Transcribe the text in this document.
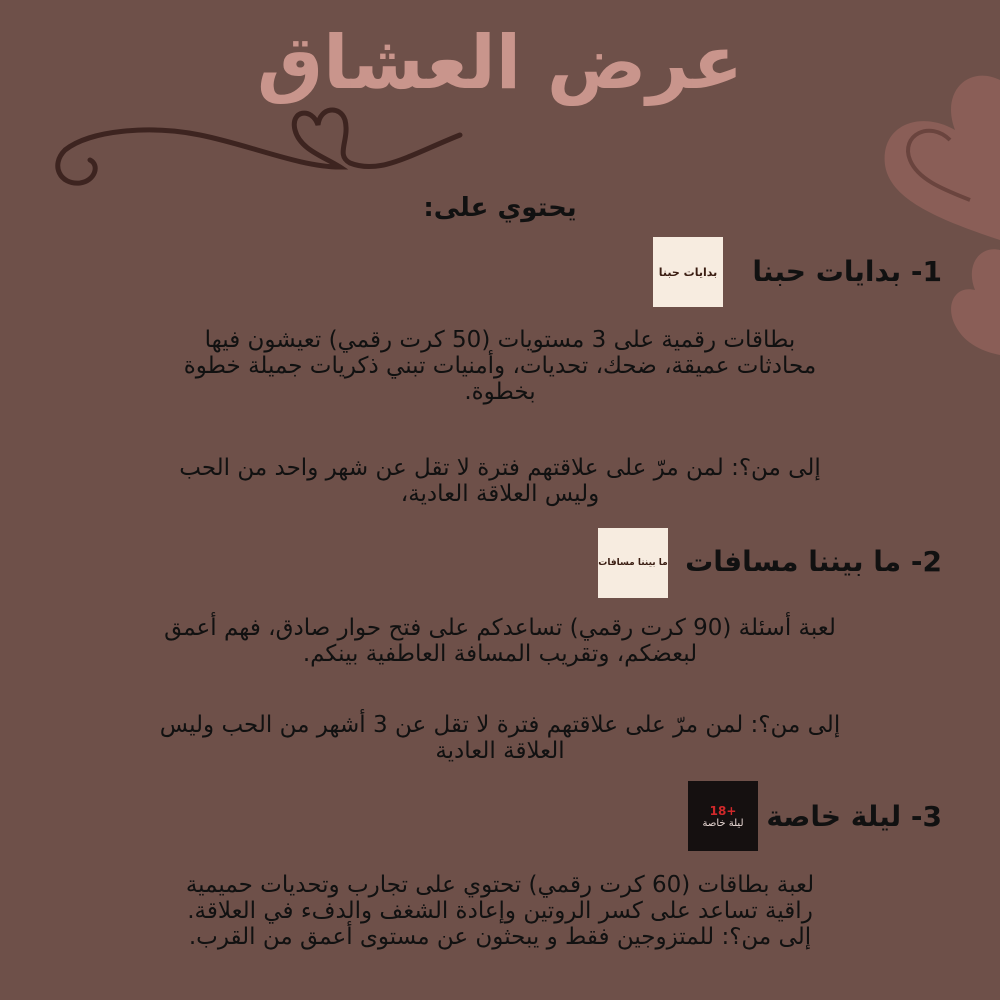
عرض العشاق
يحتوي على:
1- بدايات حبنا
بدايات حبنا
بطاقات رقمية على 3 مستويات (50 كرت رقمي) تعيشون فيها
محادثات عميقة، ضحك، تحديات، وأمنيات تبني ذكريات جميلة خطوة
بخطوة.
إلى من؟: لمن مرّ على علاقتهم فترة لا تقل عن شهر واحد من الحب
وليس العلاقة العادية،
2- ما بيننا مسافات
ما بيننا مسافات
لعبة أسئلة (90 كرت رقمي) تساعدكم على فتح حوار صادق، فهم أعمق
لبعضكم، وتقريب المسافة العاطفية بينكم.
إلى من؟: لمن مرّ على علاقتهم فترة لا تقل عن 3 أشهر من الحب وليس
العلاقة العادية
3- ليلة خاصة
18+
ليلة خاصة
لعبة بطاقات (60 كرت رقمي) تحتوي على تجارب وتحديات حميمية
راقية تساعد على كسر الروتين وإعادة الشغف والدفء في العلاقة.
إلى من؟: للمتزوجين فقط و يبحثون عن مستوى أعمق من القرب.
